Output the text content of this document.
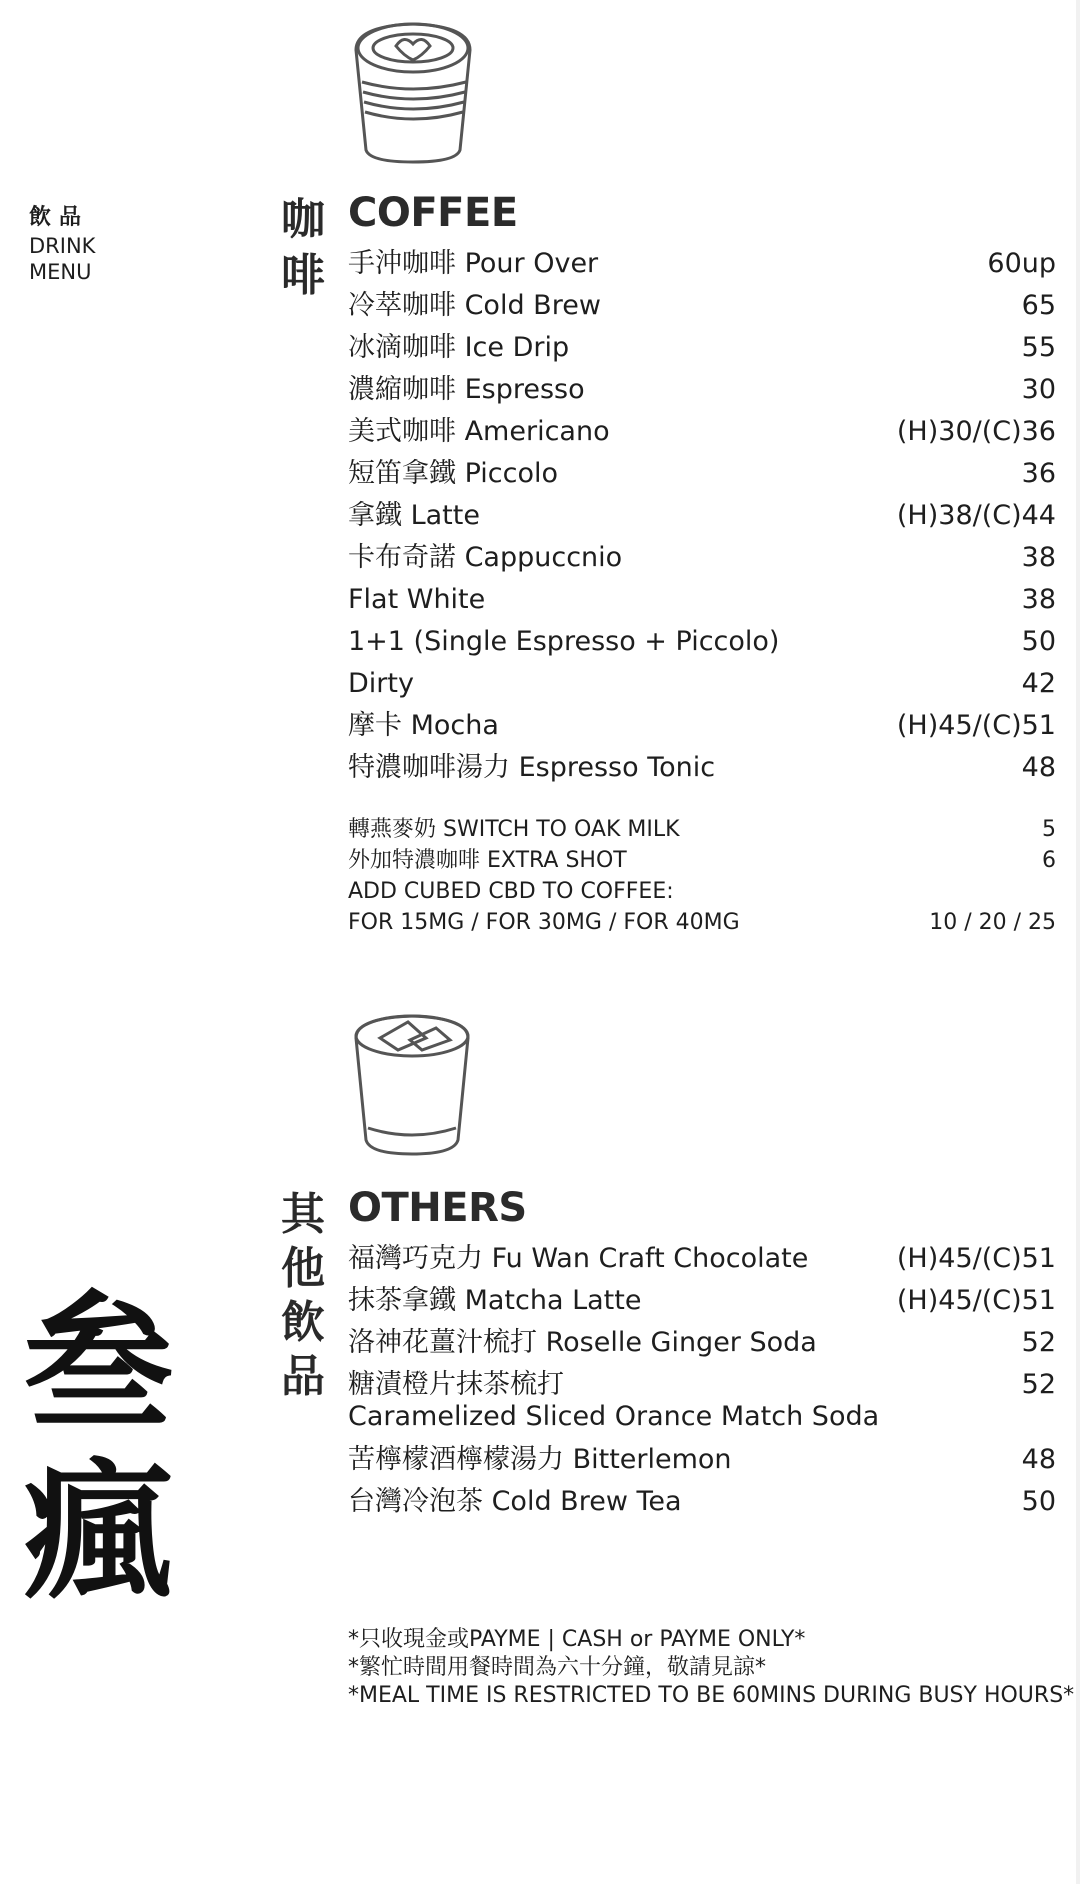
飲品
DRINK
MENU
咖
啡
COFFEE
手沖咖啡 Pour Over	60up
冷萃咖啡 Cold Brew	65
冰滴咖啡 Ice Drip	55
濃縮咖啡 Espresso	30
美式咖啡 Americano	(H)30/(C)36
短笛拿鐵 Piccolo	36
拿鐵 Latte	(H)38/(C)44
卡布奇諾 Cappuccnio	38
Flat White	38
1+1 (Single Espresso + Piccolo)	50
Dirty	42
摩卡 Mocha	(H)45/(C)51
特濃咖啡湯力 Espresso Tonic	48
轉燕麥奶 SWITCH TO OAK MILK	5
外加特濃咖啡 EXTRA SHOT	6
ADD CUBED CBD TO COFFEE:
FOR 15MG / FOR 30MG / FOR 40MG	10 / 20 / 25
其
他
飲
品
OTHERS
福灣巧克力 Fu Wan Craft Chocolate	(H)45/(C)51
抹茶拿鐵 Matcha Latte	(H)45/(C)51
洛神花薑汁梳打 Roselle Ginger Soda	52
糖漬橙片抹茶梳打
Caramelized Sliced Orance Match Soda
52
苦檸檬酒檸檬湯力 Bitterlemon	48
台灣冷泡茶 Cold Brew Tea	50
叁
瘋
*只收現金或PAYME | CASH or PAYME ONLY*
*繁忙時間用餐時間為六十分鐘，敬請見諒*
*MEAL TIME IS RESTRICTED TO BE 60MINS DURING BUSY HOURS*
